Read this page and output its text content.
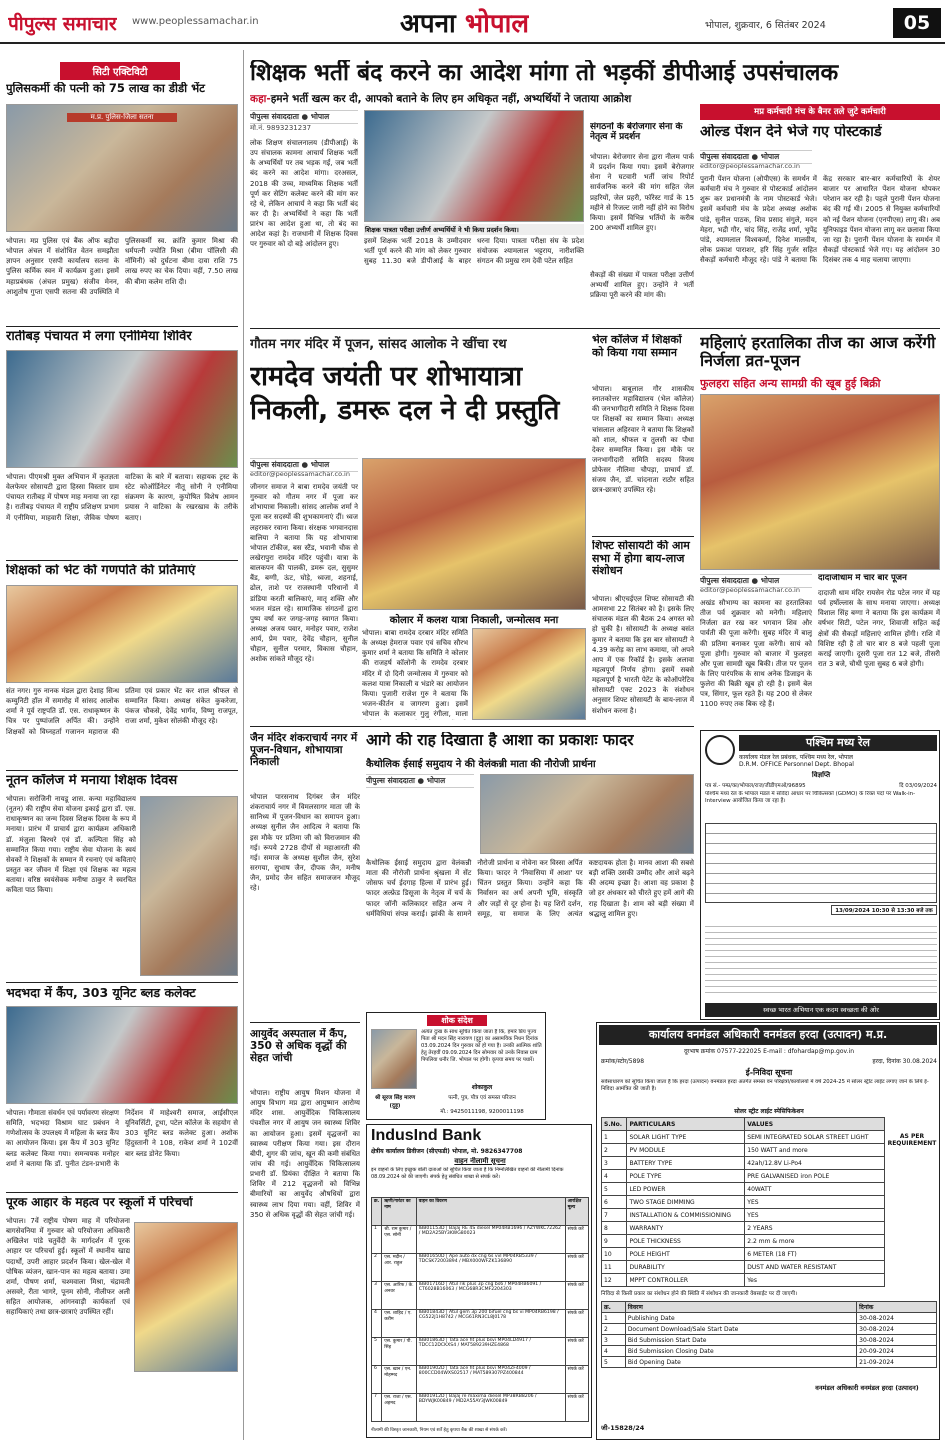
पीपुल्स समाचार www.peoplessamachar.in	अपना भोपाल	भोपाल, शुक्रवार, 6 सितंबर 2024	05
सिटी एक्टिविटी
पुलिसकर्मी की पत्नी को 75 लाख का डीडी भेंट
म.प्र. पुलिस-जिला सतना
भोपाल। मप्र पुलिस एवं बैंक ऑफ बड़ौदा भोपाल अंचल में संशोधित वेतन समझौता ज्ञापन अनुसार एसपी कार्यालय सतना के पुलिस कर्मिक स्वन में कार्यक्रम हुआ। इसमें महाप्रबंधक (अंचल प्रमुख) संजीव मेनन, आशुतोष गुप्ता एसपी सतना की उपस्थिति में पुलिसकर्मी स्व. क्रांति कुमार मिश्रा की धर्मपत्नी ज्योति मिश्रा (बीमा पॉलिसी की नॉमिनी) को दुर्घटना बीमा दावा राशि 75 लाख रुपए का चेक दिया। वहीं, 7.50 लाख की बीमा कलेम राशि दी।
रातीबड़ पंचायत में लगा एनीमिया शिविर
भोपाल। पीएमश्री मुक्त अभियान में कृतज्ञता वेलफेयर सोसायटी द्वारा हिस्सा विस्तार ग्राम पंचायत रातीबड़ में पोषण माह मनाया जा रहा है। रातीबड़ पंचायत में राष्ट्रीय प्रशिक्षण प्रभाग में एनीमिया, माहवारी शिक्षा, जैविक पोषण वाटिका के बारे में बताया। सहायक ट्रस्ट के स्टेट कोऑर्डिनेटर नीतू सोनी ने एनीमिया संक्रमण के कारण, कुपोषित विशेष आमन प्रयास ने वाटिका के रखरखाव के तरीके बताए।
शिक्षकों को भेंट कीं गणपति की प्रतिमाएं
संत नगर। गुरु नानक मंडल द्वारा देशाह सिन्ध कम्युनिटी हॉल में समारोह में सांसद आलोक शर्मा ने पूर्व राष्ट्रपति डॉ. एस. राधाकृष्णन के चित्र पर पुष्पांजलि अर्पित की। उन्होंने शिक्षकों को विघ्नहर्ता गजानन महाराज की प्रतिमा एवं प्रकार भेंट कर शाल श्रीफल से सम्मानित किया। अध्यक्ष संकेत कुकरेजा, पंकज चौकसे, देवेंद्र भार्गव, विष्णु राजपूत, राजा शर्मा, मुकेश सोलंकी मौजूद रहे।
नूतन कॉलेज में मनाया शिक्षक दिवस
भोपाल। सरोजिनी नायडू शास. कन्या महाविद्यालय (नूतन) की राष्ट्रीय सेवा योजना इकाई द्वारा डॉ. एस. राधाकृष्णन का जन्म दिवस शिक्षक दिवस के रूप में मनाया। प्रारंभ में प्राचार्य द्वारा कार्यक्रम अधिकारी डॉ. मंजुला बिरथरे एवं डॉ. कल्पिता सिंह को सम्मानित किया गया। राष्ट्रीय सेवा योजना के स्वयं सेवकों ने शिक्षकों के सम्मान में रचनाएं एवं कविताएं प्रस्तुत कर जीवन में शिक्षा एवं शिक्षक का महत्व बताया। वरिष्ठ स्वयंसेवक मनीषा ठाकुर ने स्वरचित कविता पाठ किया।
भदभदा में कैंप, 303 यूनिट ब्लड कलेक्ट
भोपाल। गौमाता संवर्धन एवं पर्यावरण संरक्षण समिति, भदभदा विश्राम घाट प्रबंधन ने गणेशोत्सव के उपलक्ष्य में महिला के ब्लड कैंप का आयोजन किया। इस कैंप में 303 यूनिट ब्लड कलेक्ट किया गया। समन्वयक मनोहर शर्मा ने बताया कि डॉ. पुनीत टंडन-प्रभारी के निर्देशन में माहेश्वरी समाज, आईसीएल यूनिवर्सिटी, टूथा, पटेल कॉलेज के सहयोग से 303 यूनिट ब्लड कलेक्ट हुआ। अशोक हिंदुस्तानी ने 108, राकेश शर्मा ने 102वीं बार ब्लड डोनेट किया।
पूरक आहार के महत्व पर स्कूलों में परिचर्चा
भोपाल। 7वें राष्ट्रीय पोषण माह में परियोजना बागसेवनिया में गुरुवार को परियोजना अधिकारी अखिलेश पांडे चतुर्वेदी के मार्गदर्शन में पूरक आहार पर परिचर्चा हुई। स्कूलों में स्थानीय खाद्य पदार्थों, उपरी आहार प्रदर्शन किया। खेल-खेल में पोषिक व्यंजन, खान-पान का महत्व बताया। उमा शर्मा, पौषण शर्मा, चश्मवाला मिश्रा, चंद्रावती असवरे, रीता भागरे, पूनम सोनी, नीलीफर अली सहित आयोजक, आंगनवाड़ी कार्यकर्ता एवं सहायिकाएं तथा छात्र-छात्राएं उपस्थित रहीं।
शिक्षक भर्ती बंद करने का आदेश मांगा तो भड़कीं डीपीआई उपसंचालक
कहा-हमने भर्ती खत्म कर दी, आपको बताने के लिए हम अधिकृत नहीं, अभ्यर्थियों ने जताया आक्रोश
पीपुल्स संवाददाता ● भोपाल
मो.नं. 9893231237
लोक शिक्षण संचालनालय (डीपीआई) के उप संचालक कामना आचार्य शिक्षक भर्ती के अभ्यर्थियों पर तब भड़क गईं, जब भर्ती बंद करने का आदेश मांगा। दरअसल, 2018 की उच्च, माध्यमिक शिक्षक भर्ती पूर्ण कर सेटिंग कलेक्ट करने की मांग कर रहे थे, लेकिन आचार्य ने कहा कि भर्ती बंद कर दी है। अभ्यर्थियों ने कहा कि भर्ती प्रारंभ का आदेश हुआ था, तो बंद का आदेश कहां है। राजधानी में शिक्षक दिवस पर गुरुवार को दो बड़े आंदोलन हुए।
शिक्षक पात्रता परीक्षा उत्तीर्ण अभ्यर्थियों ने भी किया प्रदर्शन किया।
इसमें शिक्षक भर्ती 2018 के उम्मीदवार भर्ती पूर्ण करने की मांग को लेकर गुरुवार सुबह 11.30 बजे डीपीआई के बाहर धरना दिया। पात्रता परीक्षा संघ के प्रदेश संयोजक श्यामलाल भट्टराय, नारीशक्ति संगठन की प्रमुख राम देवी पटेल सहित
संगठनों के बेरोजगार सेना के नेतृत्व में प्रदर्शन
भोपाल। बेरोजगार सेना द्वारा नीलम पार्क में प्रदर्शन किया गया। इसमें बेरोजगार सेना ने घटवारी भर्ती जांच रिपोर्ट सार्वजनिक करने की मांग सहित जेल प्रहरियों, जेल प्रहरी, फॉरेस्ट गार्ड के 15 महीने से रिजल्ट जारी नहीं होने का विरोध किया। इसमें विभिन्न भर्तियों के करीब 200 अभ्यर्थी शामिल हुए।
सैकड़ों की संख्या में पात्रता परीक्षा उत्तीर्ण अभ्यर्थी शामिल हुए। उन्होंने ने भर्ती प्रक्रिया पूरी करने की मांग की।
मप्र कर्मचारी मंच के बैनर तले जुटे कर्मचारी
ओल्ड पेंशन देने भेजे गए पोस्टकार्ड
पीपुल्स संवाददाता ● भोपाल
editor@peoplessamachar.co.in
पुरानी पेंशन योजना (ओपीएस) के समर्थन में कर्मचारी मंच ने गुरुवार से पोस्टकार्ड आंदोलन शुरू कर प्रधानमंत्री के नाम पोस्टकार्ड भेजे। इसमें कर्मचारी मंच के प्रदेश अध्यक्ष अशोक पांडे, सुनील पाठक, शिव प्रसाद संगुले, मदन मेहरा, भद्री गौर, चांद सिंह, राजेंद्र शर्मा, भूपेंद्र पांडे, श्यामलाल विश्वकर्मा, दिनेश मालवीय, लोक प्रकाश पाराशर, हरि सिंह गुर्जर सहित सैकड़ों कर्मचारी मौजूद रहे। पांडे ने बताया कि केंद्र सरकार बार-बार कर्मचारियों के शेयर बाजार पर आधारित पेंशन योजना थोपकर परेशान कर रही है। पहले पुरानी पेंशन योजना बंद की गई थी। 2005 से नियुक्त कर्मचारियों को नई पेंशन योजना (एनपीएस) लागू की। अब यूनिफाइड पेंशन योजना लागू कर छलावा किया जा रहा है। पुरानी पेंशन योजना के समर्थन में सैकड़ों पोस्टकार्ड भेजे गए। यह आंदोलन 30 दिसंबर तक 4 माह चलाया जाएगा।
गौतम नगर मंदिर में पूजन, सांसद आलोक ने खींचा रथ
रामदेव जयंती पर शोभायात्रा निकली, डमरू दल ने दी प्रस्तुति
पीपुल्स संवाददाता ● भोपाल
editor@peoplessamachar.co.in
जीनगर समाज ने बाबा रामदेव जयंती पर गुरुवार को गौतम नगर में पूजा कर शोभायात्रा निकाली। सांसद आलोक शर्मा ने पूजा कर सदस्यों की शुभकामनाएं दीं। ध्वज लहराकर रवाना किया। संरक्षक भगवानदास बालिया ने बताया कि यह शोभायात्रा भोपाल टॉकीज, बस स्टैंड, भवानी चौक से लखेरापुरा रामदेव मंदिर पहुंची। यात्रा के बालकपन की पालकी, डमरू दल, सुसुमर बैंड, बग्गी, ऊंट, घोड़े, ध्वजा, शहनाई, ढोल, ताशे पर राजस्थानी परिधानों में डांडिया करती बालिकाएं, मातृ शक्ति और भजन मंडल रहे। सामाजिक संगठनों द्वारा पुष्प वर्षा कर जगह-जगह स्वागत किया। अध्यक्ष अजय पवार, मनोहर पवार, राजेश आर्य, प्रेम पवार, देवेंद्र चौहान, सुनील चौहान, सुनील परमार, विकास चौहान, अशोक सांकते मौजूद रहे।
कोलार में कलश यात्रा निकाली, जन्मोत्सव मना
भोपाल। बाबा रामदेव दरबार मंदिर समिति के अध्यक्ष हेमराज पवार एवं सचिव सौरभ कुमार शर्मा ने बताया कि समिति ने कोलार की राजहर्ष कॉलोनी के रामदेव दरबार मंदिर में दो दिनी जन्मोत्सव में गुरुवार को कलश यात्रा निकाली व भंडारे का आयोजन किया। पुजारी राजेश गुरु ने बताया कि भजन-कीर्तन व जागरण हुआ। इसमें भोपाल के कलाकार गुलु रंगीला, माला
भेल कॉलेज में शिक्षकों को किया गया सम्मान
भोपाल। बाबूलाल गौर शासकीय स्नातकोत्तर महाविद्यालय (भेल कॉलेज) की जनभागीदारी समिति ने शिक्षक दिवस पर शिक्षकों का सम्मान किया। अध्यक्ष चांसलाल अहिरवार ने बताया कि शिक्षकों को शाल, श्रीफल व तुलसी का पौधा देकर सम्मानित किया। इस मौके पर जनभागीदारी समिति सदस्य विजय प्रोफेसर नीलिमा चौपड़ा, प्राचार्य डॉ. संजय जैन, डॉ. चांदनाता राठौर सहित छात्र-छात्राएं उपस्थित रहे।
शिफ्ट सोसायटी की आम सभा में होगा बाय-लाज संशोधन
भोपाल। श्रीएचईएल शिफ्ट सोसायटी की आमसभा 22 सितंबर को है। इसके लिए संचालक मंडल की बैठक 24 अगस्त को हो चुकी है। सोसायटी के अध्यक्ष बसंत कुमार ने बताया कि इस बार सोसायटी ने 4.39 करोड़ का लाभ कमाया, जो अपने आप में एक रिकॉर्ड है। इसके अलावा महत्वपूर्ण निर्णय होगा। इसमें सबसे महत्वपूर्ण है भारती पेटेंट के कोऑपरेटिव सोसायटी एक्ट 2023 के संशोधन अनुसार शिफ्ट सोसायटी के बाय-लाज में संशोधन करना है।
महिलाएं हरतालिका तीज का आज करेंगी निर्जला व्रत-पूजन
फुलहरा सहित अन्य सामग्री की खूब हुई बिक्री
पीपुल्स संवाददाता ● भोपाल
editor@peoplessamachar.co.in
अखंड सौभाग्य का कामना का हरतालिका तीज पर्व शुक्रवार को मनेगी। महिलाएं निर्जला व्रत रख कर भगवान शिव और पार्वती की पूजा करेंगी। सुबह मंदिर में बालू की प्रतिमा बनाकर पूजा करेंगी। सायं को पूजा होगी। गुरुवार को बाजार में फुलहरा और पूजा सामग्री खूब बिकी। तीज पर पूजन के लिए पारंपरिक के साथ अनेक डिजाइन के फुलेरा की बिक्री खूब हो रही है। इसमें बेल पत्र, सिंगार, फूल रहते हैं। यह 200 से लेकर 1100 रुपए तक बिक रहे हैं।
दादाजीधाम में चार बार पूजन
दादाजी धाम मंदिर रायसेन रोड पटेल नगर में यह पर्व हर्षोल्लास के साथ मनाया जाएगा। अध्यक्ष विशाल सिंह बग्गा ने बताया कि इस कार्यक्रम में वर्षभर सिटी, पटेल नगर, शिवाजी सहित कई क्षेत्रों की सैकड़ों महिलाएं शामिल होंगी। राशि में विशिष्ट रही है तो चार बार 8 बजे पहली पूजा कराई जाएगी। दूसरी पूजा रात 12 बजे, तीसरी रात 3 बजे, चौथी पूजा सुबह 6 बजे होगी।
जैन मंदिर शंकराचार्य नगर में पूजन-विधान, शोभायात्रा निकाली
भोपाल पारसनाथ दिगंबर जैन मंदिर शंकराचार्य नगर में विमलसागर माता जी के सानिध्य में पूजन-विधान का समापन हुआ। अध्यक्ष सुनील जैन आदित्य ने बताया कि इस मौके पर प्रतिमा जी को विराजमान की गई। रूपये 2728 दीपों से महाआरती की गई। समाज के अध्यक्ष सुशील जैन, सुरेश सरगया, सुभाष जैन, दीपक जैन, मनीष जैन, प्रमोद जैन सहित समाजजन मौजूद रहे।
आयुर्वेद अस्पताल में कैंप, 350 से अधिक वृद्धों की सेहत जांची
भोपाल। राष्ट्रीय आयुष मिशन योजना में आयुष विभाग मप्र द्वारा आयुष्मान आरोग्य मंदिर शास. आयुर्वेदिक चिकित्सालय पंचशील नगर में आयुष जन स्वास्थ्य शिविर का आयोजन हुआ। इसमें वृद्धजनों का स्वास्थ्य परीक्षण किया गया। इस दौरान बीपी, शुगर की जांच, खून की कमी संबंधित जांच की गई। आयुर्वेदिक चिकित्सालय प्रभारी डॉ. प्रियंका दीक्षित ने बताया कि शिविर में 212 वृद्धजनों को विभिन्न बीमारियों का आयुर्वेद औषधियों द्वारा स्वास्थ्य लाभ दिया गया। वहीं, शिविर में 350 से अधिक वृद्धों की सेहत जांची गई।
आगे की राह दिखाता है आशा का प्रकाशः फादर
कैथोलिक ईसाई समुदाय ने की वेलंकन्नी माता की नौरोजी प्रार्थना
पीपुल्स संवाददाता ● भोपाल
कैथोलिक ईसाई समुदाय द्वारा वेलंकन्नी माता की नौरोजी प्रार्थना श्रृंखला में सेंट जोसफ चर्च ईदगाह हिल्स में प्रारंभ हुई। फादर अल्फ्रेड डिसूजा के नेतृत्व में चर्च के फादर जॉनी कलिकादर सहित अन्य ने धर्मविधियां संपन्न कराईं। झांकी के सामने नौरोजी प्रार्थना व नोवेना कर विस्सा अर्पित किया। फादर ने 'निवासिया में आशा' पर चिंतन प्रस्तुत किया। उन्होंने कहा कि निर्वासन का अर्थ अपनी भूमि, संस्कृति और जड़ों से दूर होना है। यह शिरों दर्शन, समूह, या समाज के लिए अत्यंत कष्टदायक होता है। मानव आशा की सबसे बड़ी शक्ति उसकी उम्मीद और आशे बढ़ने की अदम्य इच्छा है। आशा वह प्रकाश है जो हर अंधकार को चीरते हुए हमें आगे की राह दिखाता है। शाम को बड़ी संख्या में श्रद्धालु शामिल हुए।
शोक संदेश
श्री सूरज सिंह मारण (दुड़ू)
अत्यंत दुःख के साथ सूचित किया जाता है कि, हमारे प्रिय पूज्य पिता श्री मदन सिंह नारायण (दुड़ू) का असामयिक निधन दिनांक 03.09.2024 दिन गुरुवार को हो गया है। उनकी आत्मिक शांति हेतु तेरहवीं 09.09.2024 दिन सोमवार को उनके निवास ग्राम पिपलिया धनौर जि. भोपाल पर होगी। कृपया समय पर पधारें।
शोकाकुल
पत्नी, पुत्र, पौत्र एवं समस्त परिजन
मो.: 9425011198, 9200011198
IndusInd Bank
क्षेत्रीय कार्यालय डिवीजन (सीएफडी) भोपाल, मो. 9826347708
वाहन नीलामी सूचना
इन वाहनों के लिए इच्छुक बोली दाताओं को सूचित किया जाता है कि निम्नलिखित वाहनों की नीलामी दिनांक 08.09.2024 को की जाएगी। संपर्क हेतु संबंधित शाखा से संपर्क करें।
क्र.	ऋणी/गारंटर का नाम	वाहन का विवरण	आरक्षित मूल्य
1	श्री. राम कुमार / एस. सोनी	IBB01153D | Bajaj RE 4S diesel MP04RB1696 / AZYWKC72262 / MD2A25BY3KWG80023	संपर्क करें
2	एस. मदीन / आर. राहुल	IBB01650D | Ape auto dx cng 6s vvl MP04RB5339 / TDCSK72003894 / MBX000WFZK136890	संपर्क करें
3	एस. आरिफ / के. अनवर	IBB01716D | Atul rik plus 3p cng bs6 / MP04RB6091 / CT6028B16063 / MCG68R3CMF2204303	संपर्क करें
4	एस. शाहिद / ए. करीम	IBB01843D | Atul gem 3p 200 bifuel cng bs vi MP04RB6198 / CG522J1H8742 / MCG61RN3CL8J0178	संपर्क करें
5	एस. कुमार / पी. सिंह	IBB01863D | Tata ace ht plus bsvi MP04LD4917 / TDCC12DCKXS4 / MAT589239HZE4868	संपर्क करें
6	एस. खान / एन. मोहम्मद	IBB01902D | Tata ace ht plus bsvi MP04ZF4009 / 800CCD04WXS02517 / MAT589307PZ400844	संपर्क करें
7	एस. राजा / एस. अहमद	IBB01912D | Bajaj re maxima diesel MP38RB8206 / BDYWJK00849 / MD2A55AY3JWK00849	संपर्क करें
नीलामी की विस्तृत जानकारी, नियम एवं शर्तें हेतु कृपया बैंक की शाखा से संपर्क करें।
पश्चिम मध्य रेल
कार्यालय मंडल रेल प्रबंधक, पश्चिम मध्य रेल, भोपाल
D.R.M. OFFICE Personnel Dept. Bhopal
विज्ञप्ति
पत्र सं.- पम्प्र/का/भोपाल/राज/जीडीएमओ/96895	दि 03/09/2024
पश्चिम मध्य रेल के भोपाल मंडल में संविदा आधार पर चिकित्सकों (GDMO) के रिक्त पदों पर Walk-in-Interview आयोजित किया जा रहा है।
13/09/2024 10:30 से 13:30 बजे तक
स्वच्छ भारत अभियान एक कदम स्वच्छता की ओर
कार्यालय वनमंडल अधिकारी वनमंडल हरदा (उत्पादन) म.प्र.
दूरभाष क्रमांक 07577-222025 E-mail : dfohardap@mp.gov.in
क्रमांक/स्टोर/5898	हरदा, दिनांक 30.08.2024
ई-निविदा सूचना
सर्वसाधारण को सूचित किया जाता है कि हरदा (उत्पादन) वनमंडल हरदा अंतर्गत समस्त वन परिक्षेत्रों/कार्यालयों में वर्ष 2024-25 में सोलर स्ट्रीट लाईट लगाए जाने के लिये ई-निविदा आमंत्रित की जाती है।
सोलर स्ट्रीट लाईट स्पेसिफिकेशन
S.No.	PARTICULARS	VALUES
1	SOLAR LIGHT TYPE	SEMI INTEGRATED SOLAR STREET LIGHT
2	PV MODULE	150 WATT and more
3	BATTERY TYPE	42ah/12.8V Li-Po4
4	POLE TYPE	PRE GALVANISED iron POLE
5	LED POWER	40WATT
6	TWO STAGE DIMMING	YES
7	INSTALLATION & COMMISSIONING	YES
8	WARRANTY	2 YEARS
9	POLE THICKNESS	2.2 mm & more
10	POLE HEIGHT	6 METER (18 FT)
11	DURABILITY	DUST AND WATER RESISTANT
12	MPPT CONTROLLER	Yes
AS PER REQUIREMENT
निविदा से किसी प्रकार का संशोधन होने की स्थिति में संशोधन की जानकारी वेबसाईट पर दी जाएगी।
क्र.	विवरण	दिनांक
1	Publishing Date	30-08-2024
2	Document Download/Sale Start Date	30-08-2024
3	Bid Submission Start Date	30-08-2024
4	Bid Submission Closing Date	20-09-2024
5	Bid Opening Date	21-09-2024
वनमंडल अधिकारी वनमंडल हरदा (उत्पादन)
जी-15828/24
